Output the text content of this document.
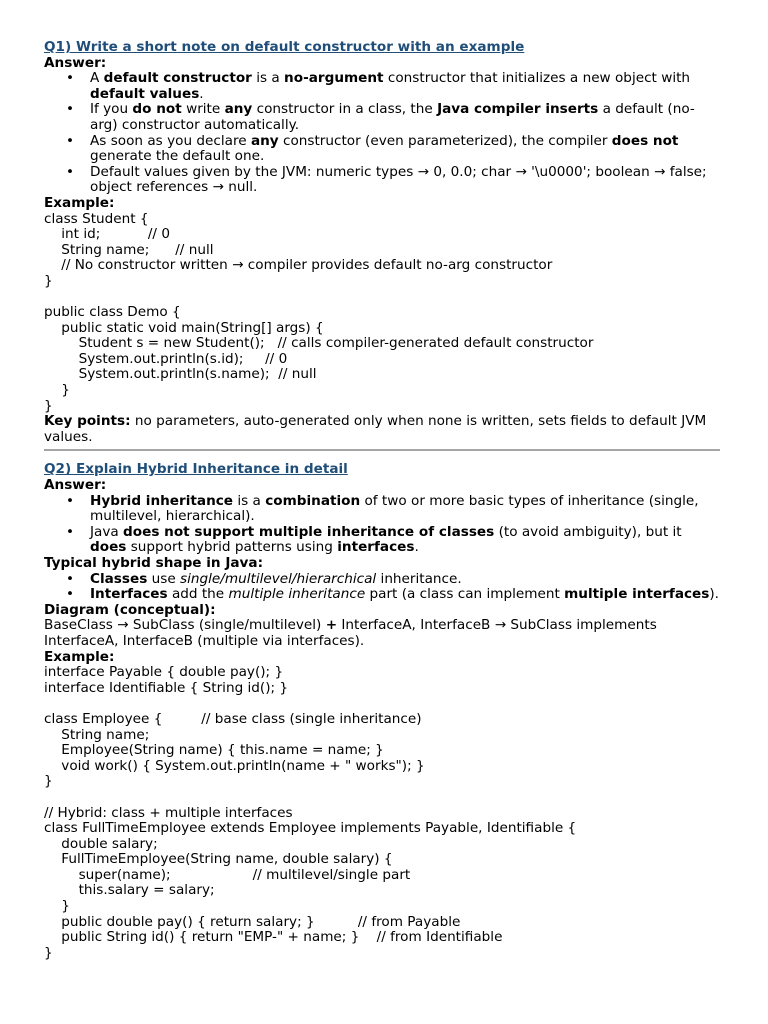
Q1) Write a short note on default constructor with an example
Answer:
• A default constructor is a no-argument constructor that initializes a new object with default values.
• If you do not write any constructor in a class, the Java compiler inserts a default (no-arg) constructor automatically.
• As soon as you declare any constructor (even parameterized), the compiler does not generate the default one.
• Default values given by the JVM: numeric types → 0, 0.0; char → '\u0000'; boolean → false; object references → null.
Example:
class Student {
int id;           // 0
String name;      // null
// No constructor written → compiler provides default no-arg constructor
}

public class Demo {
public static void main(String[] args) {
Student s = new Student();   // calls compiler-generated default constructor
System.out.println(s.id);     // 0
System.out.println(s.name);  // null
}
}
Key points: no parameters, auto-generated only when none is written, sets fields to default JVM values.
Q2) Explain Hybrid Inheritance in detail
Answer:
• Hybrid inheritance is a combination of two or more basic types of inheritance (single, multilevel, hierarchical).
• Java does not support multiple inheritance of classes (to avoid ambiguity), but it does support hybrid patterns using interfaces.
Typical hybrid shape in Java:
• Classes use single/multilevel/hierarchical inheritance.
• Interfaces add the multiple inheritance part (a class can implement multiple interfaces).
Diagram (conceptual):
BaseClass → SubClass (single/multilevel) + InterfaceA, InterfaceB → SubClass implements InterfaceA, InterfaceB (multiple via interfaces).
Example:
interface Payable { double pay(); }
interface Identifiable { String id(); }

class Employee {         // base class (single inheritance)
String name;
Employee(String name) { this.name = name; }
void work() { System.out.println(name + " works"); }
}

// Hybrid: class + multiple interfaces
class FullTimeEmployee extends Employee implements Payable, Identifiable {
double salary;
FullTimeEmployee(String name, double salary) {
super(name);                   // multilevel/single part
this.salary = salary;
}
public double pay() { return salary; }          // from Payable
public String id() { return "EMP-" + name; }    // from Identifiable
}
